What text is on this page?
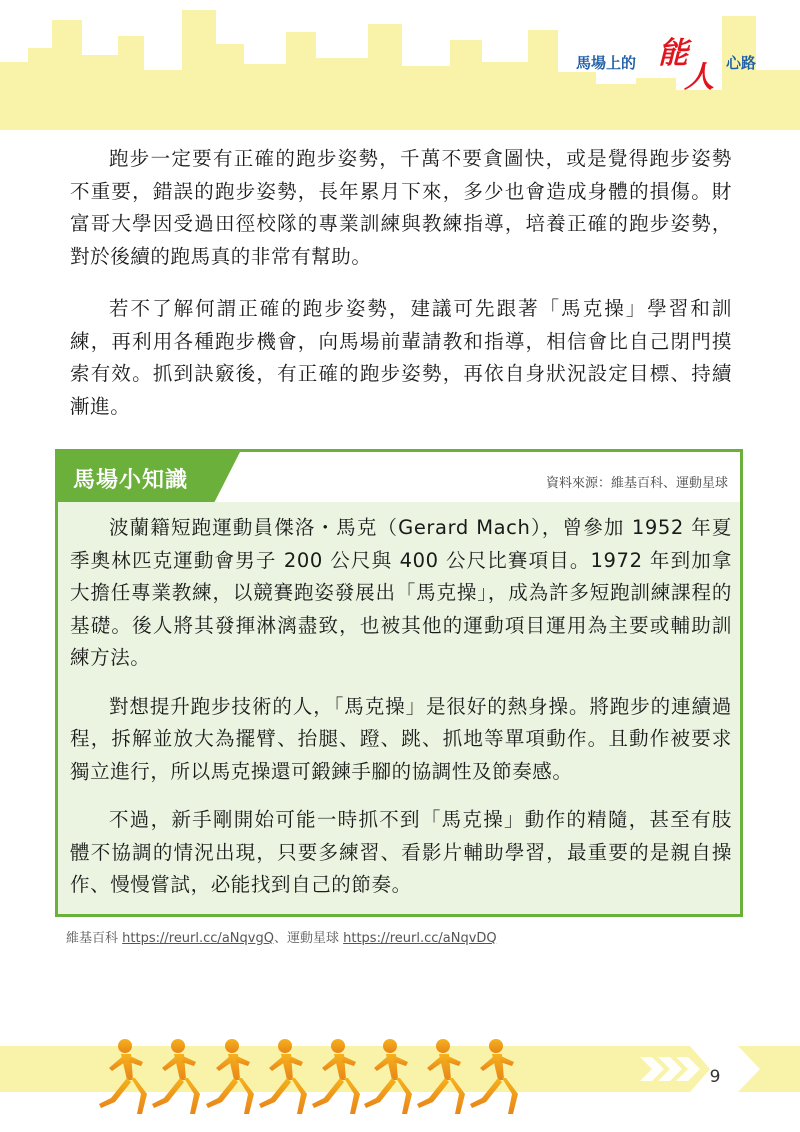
馬場上的 能
人 心路

跑步一定要有正確的跑步姿勢，千萬不要貪圖快，或是覺得跑步姿勢不重要，錯誤的跑步姿勢，長年累月下來，多少也會造成身體的損傷。財富哥大學因受過田徑校隊的專業訓練與教練指導，培養正確的跑步姿勢，對於後續的跑馬真的非常有幫助。

若不了解何謂正確的跑步姿勢，建議可先跟著「馬克操」學習和訓練，再利用各種跑步機會，向馬場前輩請教和指導，相信會比自己閉門摸索有效。抓到訣竅後，有正確的跑步姿勢，再依自身狀況設定目標、持續漸進。

馬場小知識	資料來源：維基百科、運動星球

波蘭籍短跑運動員傑洛・馬克（Gerard Mach），曾參加 1952 年夏季奧林匹克運動會男子 200 公尺與 400 公尺比賽項目。1972 年到加拿大擔任專業教練，以競賽跑姿發展出「馬克操」，成為許多短跑訓練課程的基礎。後人將其發揮淋漓盡致，也被其他的運動項目運用為主要或輔助訓練方法。

對想提升跑步技術的人，「馬克操」是很好的熱身操。將跑步的連續過程，拆解並放大為擺臂、抬腿、蹬、跳、抓地等單項動作。且動作被要求獨立進行，所以馬克操還可鍛鍊手腳的協調性及節奏感。

不過，新手剛開始可能一時抓不到「馬克操」動作的精隨，甚至有肢體不協調的情況出現，只要多練習、看影片輔助學習，最重要的是親自操作、慢慢嘗試，必能找到自己的節奏。

維基百科 https://reurl.cc/aNqvgQ、運動星球 https://reurl.cc/aNqvDQ
9
